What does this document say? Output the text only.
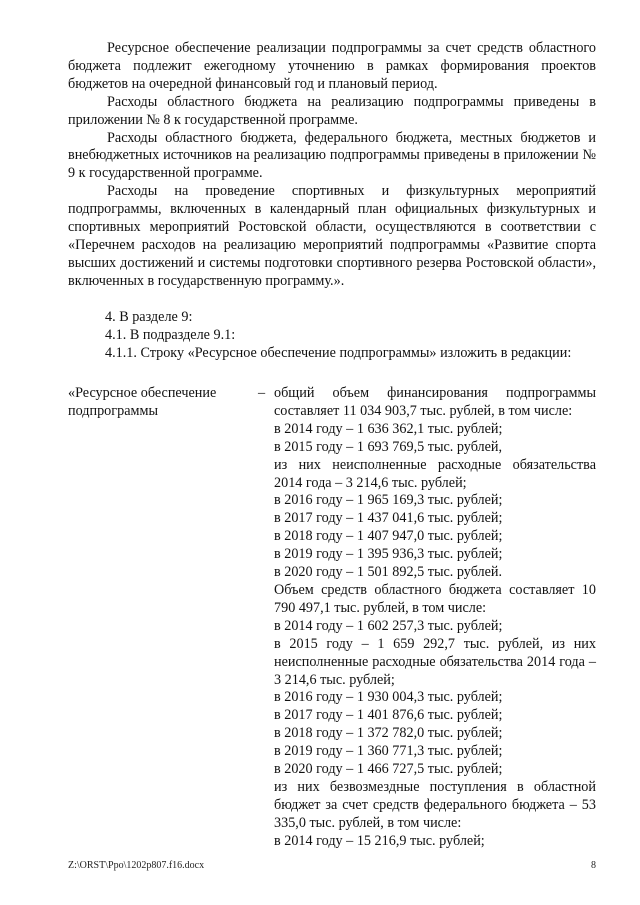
Ресурсное обеспечение реализации подпрограммы за счет средств областного бюджета подлежит ежегодному уточнению в рамках формирования проектов бюджетов на очередной финансовый год и плановый период.

Расходы областного бюджета на реализацию подпрограммы приведены в приложении № 8 к государственной программе.

Расходы областного бюджета, федерального бюджета, местных бюджетов и внебюджетных источников на реализацию подпрограммы приведены в приложении № 9 к государственной программе.

Расходы на проведение спортивных и физкультурных мероприятий подпрограммы, включенных в календарный план официальных физкультурных и спортивных мероприятий Ростовской области, осуществляются в соответствии с «Перечнем расходов на реализацию мероприятий подпрограммы «Развитие спорта высших достижений и системы подготовки спортивного резерва Ростовской области», включенных в государственную программу.».

4. В разделе 9:

4.1. В подразделе 9.1:

4.1.1. Строку «Ресурсное обеспечение подпрограммы» изложить в редакции:

«Ресурсное обеспечение
подпрограммы
– общий объем финансирования подпрограммы составляет 11 034 903,7 тыс. рублей, в том числе:

в 2014 году – 1 636 362,1 тыс. рублей;

в 2015 году – 1 693 769,5 тыс. рублей,

из них неисполненные расходные обязательства 2014 года – 3 214,6 тыс. рублей;

в 2016 году – 1 965 169,3 тыс. рублей;

в 2017 году – 1 437 041,6 тыс. рублей;

в 2018 году – 1 407 947,0 тыс. рублей;

в 2019 году – 1 395 936,3 тыс. рублей;

в 2020 году – 1 501 892,5 тыс. рублей.

Объем средств областного бюджета составляет 10 790 497,1 тыс. рублей, в том числе:

в 2014 году – 1 602 257,3 тыс. рублей;

в 2015 году – 1 659 292,7 тыс. рублей, из них неисполненные расходные обязательства 2014 года – 3 214,6 тыс. рублей;

в 2016 году – 1 930 004,3 тыс. рублей;

в 2017 году – 1 401 876,6 тыс. рублей;

в 2018 году – 1 372 782,0 тыс. рублей;

в 2019 году – 1 360 771,3 тыс. рублей;

в 2020 году – 1 466 727,5 тыс. рублей;

из них безвозмездные поступления в областной бюджет за счет средств федерального бюджета – 53 335,0 тыс. рублей, в том числе:

в 2014 году – 15 216,9 тыс. рублей;

Z:\ORST\Ppo\1202p807.f16.docx	8
